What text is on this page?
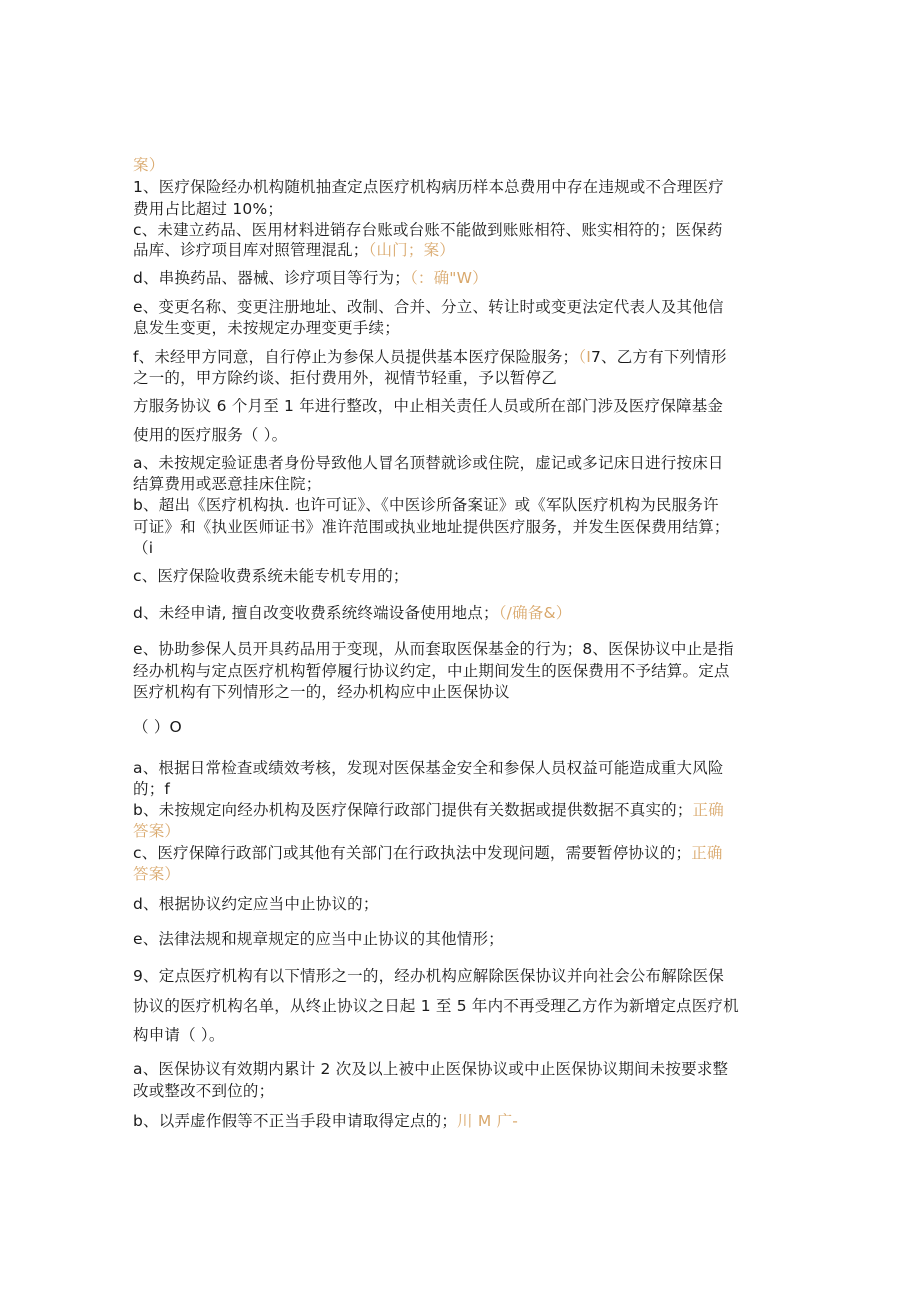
案）
1、医疗保险经办机构随机抽查定点医疗机构病历样本总费用中存在违规或不合理医疗
费用占比超过 10%；
c、未建立药品、医用材料进销存台账或台账不能做到账账相符、账实相符的；医保药
品库、诊疗项目库对照管理混乱；（山门；案）
d、串换药品、器械、诊疗项目等行为；（：确"W）
e、变更名称、变更注册地址、改制、合并、分立、转让时或变更法定代表人及其他信
息发生变更，未按规定办理变更手续；
f、未经甲方同意，自行停止为参保人员提供基本医疗保险服务；（I7、乙方有下列情形
之一的，甲方除约谈、拒付费用外，视情节轻重，予以暂停乙
方服务协议 6 个月至 1 年进行整改，中止相关责任人员或所在部门涉及医疗保障基金
使用的医疗服务（ ）。
a、未按规定验证患者身份导致他人冒名顶替就诊或住院，虚记或多记床日进行按床日
结算费用或恶意挂床住院；
b、超出《医疗机构执. 也许可证》、《中医诊所备案证》或《军队医疗机构为民服务许
可证》和《执业医师证书》准许范围或执业地址提供医疗服务，并发生医保费用结算；
（i
c、医疗保险收费系统未能专机专用的；
d、未经申请, 擅自改变收费系统终端设备使用地点；（/确备&）
e、协助参保人员开具药品用于变现，从而套取医保基金的行为；8、医保协议中止是指
经办机构与定点医疗机构暂停履行协议约定，中止期间发生的医保费用不予结算。定点
医疗机构有下列情形之一的，经办机构应中止医保协议
（ ）O
a、根据日常检查或绩效考核，发现对医保基金安全和参保人员权益可能造成重大风险
的；f
b、未按规定向经办机构及医疗保障行政部门提供有关数据或提供数据不真实的；正确
答案）
c、医疗保障行政部门或其他有关部门在行政执法中发现问题，需要暂停协议的；正确
答案）
d、根据协议约定应当中止协议的；
e、法律法规和规章规定的应当中止协议的其他情形；
9、定点医疗机构有以下情形之一的，经办机构应解除医保协议并向社会公布解除医保
协议的医疗机构名单，从终止协议之日起 1 至 5 年内不再受理乙方作为新增定点医疗机
构申请（ ）。
a、医保协议有效期内累计 2 次及以上被中止医保协议或中止医保协议期间未按要求整
改或整改不到位的；
b、以弄虚作假等不正当手段申请取得定点的；川 M 广-
